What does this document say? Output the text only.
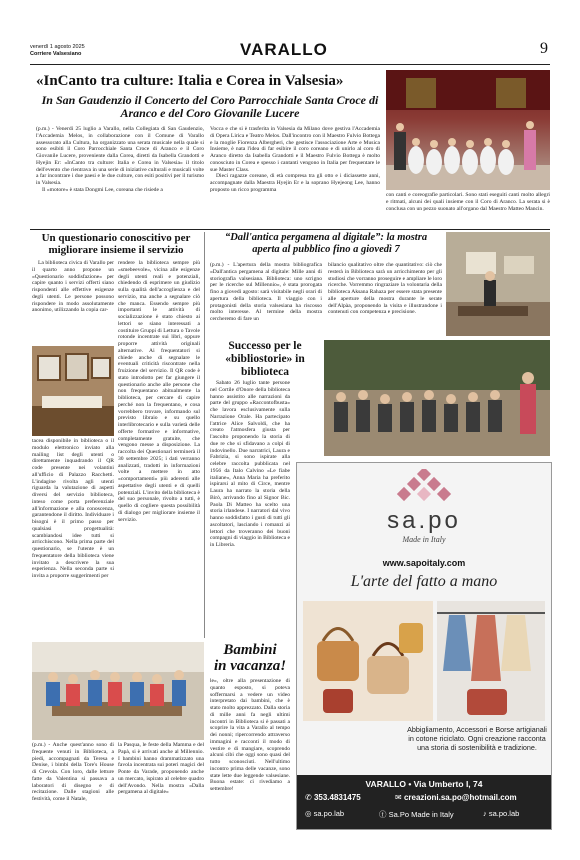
venerdì 1 agosto 2025
Corriere Valsesiano	VARALLO	9
«InCanto tra culture: Italia e Corea in Valsesia»
In San Gaudenzio il Concerto del Coro Parrocchiale Santa Croce di Aranco e del Coro Giovanile Lucere

(p.m.) - Venerdì 25 luglio a Varallo, nella Collegiata di San Gaudenzio, l'Accademia Melos, in collaborazione con il Comune di Varallo assessorato alla Cultura, ha organizzato una serata musicale nella quale si sono esibiti il Coro Parrocchiale Santa Croce di Aranco e il Coro Giovanile Lucere, proveniente dalla Corea, diretti da Isabella Grandotti e Hyejin Er: «InCanto tra culture: Italia e Corea in Valsesia» il titolo dell'evento che rientrava in una serie di iniziative culturali e musicali volte a far incontrare i due paesi e le due culture, con esiti positivi per il turismo in Valsesia.

Il «motore» è stata Dongmi Lee, coreana che risiede a

Vocca e che si è trasferita in Valsesia da Milano dove gestiva l'Accademia di Opera Lirica e Teatro Melos. Dall'incontro con il Maestro Fulvio Bottega e la moglie Fiorenza Albergheri, che gestisce l'associazione Arte e Musica Insieme, è nata l'idea di far esibire il coro coreano e di unirlo al coro di Aranco diretto da Isabella Grandotti e il Maestro Fulvio Bottega è molto conosciuto in Corea e spesso i cantanti vengono in Italia per frequentare le sue Master Class.

Dieci ragazze coreane, di età compresa tra gli otto e i diciassette anni, accompagnate dalla Maestra Hyejin Er e la soprano Hyejeong Lee, hanno proposto un ricco programma

con canti e coreografie particolari. Sono stati eseguiti canti molto allegri e ritmati, alcuni dei quali insieme con il Coro di Aranco. La serata si è conclusa con un pezzo suonato all'organo dal Maestro Matteo Mancin.

Un questionario conoscitivo per migliorare insieme il servizio

La biblioteca civica di Varallo per il quarto anno propone un «Questionario soddisfazione» per capire quanto i servizi offerti siano rispondenti alle effettive esigenze degli utenti. Le persone possono rispondere in modo assolutamente anonimo, utilizzando la copia car-

tacea disponibile in biblioteca o il modulo elettronico inviato alla mailing list degli utenti o direttamente inquadrando il QR code presente nei volantini all'ufficio di Palazzo Racchetti. L'indagine rivolta agli utenti riguarda la valutazione di aspetti diversi del servizio biblioteca, inteso come porta preferenziale all'informazione e alla conoscenza, garantendone il diritto. Individuare i bisogni è il primo passo per qualsiasi progettualità: scambiandosi idee tutti si arricchiscono. Nella prima parte del questionario, se l'utente è un frequentatore della biblioteca viene invitato a descrivere la sua esperienza. Nella seconda parte si invita a proporre suggerimenti per

rendere la biblioteca sempre più «smebeevole», vicina alle esigenze degli utenti reali e potenziali, chiedendo di esprimere un giudizio sulla qualità dell'accoglienza e del servizio, ma anche a segnalare ciò che manca. Essendo sempre più importanti le attività di socializzazione è stato chiesto ai lettori se siano interessati a costituire Gruppi di Lettura o Tavole rotonde incentrate sui libri, oppure proporre attività originali alternative. Ai frequentatori si chiede anche di segnalare le eventuali criticità riscontrate nella fruizione del servizio. Il QR code è stato introdotto per far giungere il questionario anche alle persone che non frequentano abitualmente la biblioteca, per cercare di capire perché non la frequentano, e cosa vorrebbero trovare, informando sul previsto libraio e su quello interlibrotecario e sulla varietà delle offerte formative e informative, completamente gratuite, che vengono messe a disposizione. La raccolta dei Questionari terminerà il 30 settembre 2025; i dati verranno analizzati, tradotti in informazioni volte a mettere in atto «comportamenti» più aderenti alle aspettative degli utenti e di quelli potenziali. L'invito della biblioteca è del suo personale, rivolto a tutti, è quello di cogliere questa possibilità di dialogo per migliorare insieme il servizio.

“Dall'antica pergamena al digitale”: la mostra aperta al pubblico fino a giovedì 7

(p.m.) - L'apertura della mostra bibliografica «Dall'antica pergamena al digitale: Mille anni di storiografia valsesiana. Biblioteca: uno scrigno per le ricerche sul Millennio», è stata prorogata fino a giovedì agosto: sarà visitabile negli orari di apertura della biblioteca. Il viaggio con i protagonisti della storia valsesiana ha riscosso molto interesse. Al termine della mostra cercheremo di fare un

bilancio qualitativo oltre che quantitativo: ciò che resterà in Biblioteca sarà un arricchimento per gli studiosi che vorranno proseguire e ampliare le loro ricerche. Vorremmo ringraziare la volontaria della biblioteca Aksana Rahaza per essere stata presente alle aperture della mostra durante le serate dell'Alpàa, proponendo la visita e illustrandone i contenuti con competenza e precisione.

Successo per le «bibliostorie» in biblioteca

Sabato 26 luglio tante persone nel Cortile d'Onore della biblioteca hanno assistito alle narrazioni da parte del gruppo «Raccontofbusta» che lavora esclusivamente sulla Narrazione Orale. Ha partecipato l'attrice Alice Salvoldi, che ha creato l'atmosfera giusta per l'ascolto proponendo la storia di due re che si sfidavano a colpi di indovinello. Due narratrici, Laura e Fabrizia, si sono ispirate alla celebre raccolta pubblicata nel 1956 da Italo Calvino «Le fiabe italiane», Anna Maria ha preferito ispirarsi al mito di Circe, mentre Laura ha narrato la storia della Birò, arrivando fino al Signor Bic. Paola Di Matteo ha scelto una storia irlandese. I narratori dal vivo hanno soddisfatto i gusti di tutti gli ascoltatori, lasciando i romanzi ai lettori che troveranno dei buoni compagni di viaggio in Biblioteca e in Libreria.

(p.m.) - Anche quest'anno sono di frequente venuti in Biblioteca, a piedi, accompagnati da Teresa e Denise, i bimbi della Tore's House di Crevola. Con loro, dalle letture fatte da Valentina si passava a laboratori di disegno e di recitazione. Dalle stagioni alle festività, come il Natale,

la Pasqua, le feste della Mamma e del Papà, si è arrivati anche al Millennio. I bambini hanno drammatizzato una favola incentrata sui poteri magici del Ponte da Varade, proponendo anche un mercato, ispirato al celebre quadro dell'Avondo. Nella mostra «Dalla pergamena al digitale»

Bambini
in vacanza!

le», oltre alla presentazione di quanto esposto, si poteva soffermarsi a vedere un video interpretato dai bambini, che è stato molto apprezzato. Dalla storia di mille anni fa negli ultimi incontri in Biblioteca si è passati a scoprire la vita a Varallo al tempo dei nonni; ripercorrendo attraverso immagini e racconti il modo di vestire e di mangiare, scoprendo alcuni cibi che oggi sono quasi del tutto sconosciuti. Nell'ultimo incontro prima delle vacanze, sono state lette due leggende valsesiane. Buona estate: ci rivediamo a settembre!

sa.po
Made in Italy
www.sapoitaly.com
L'arte del fatto a mano
Abbigliamento, Accessori e Borse artigianali in cotone riciclato. Ogni creazione racconta una storia di sostenibilità e tradizione.
VARALLO • Via Umberto I, 74
✆ 353.4831475	✉ creazioni.sa.po@hotmail.com
◎ sa.po.lab	ⓕ Sa.Po Made in Italy	♪ sa.po.lab
